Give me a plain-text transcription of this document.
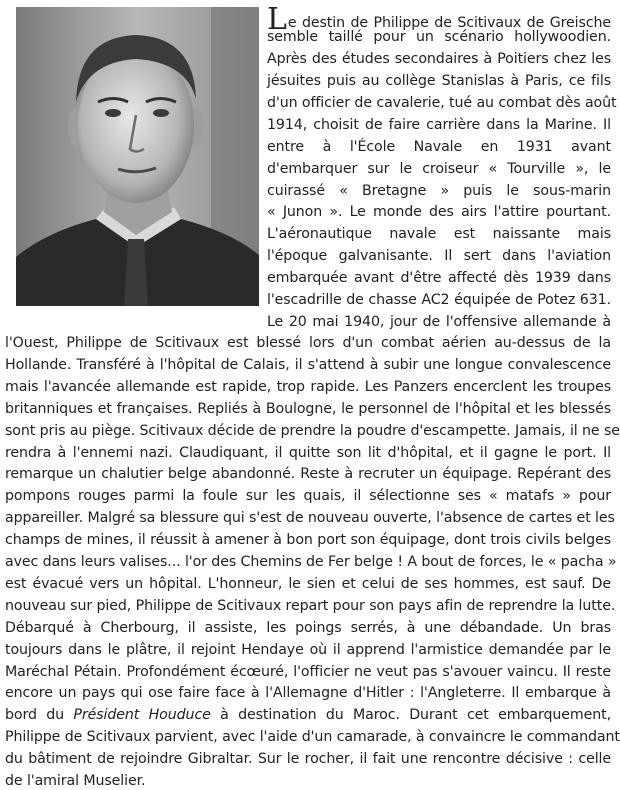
Le destin de Philippe de Scitivaux de Greische
semble taillé pour un scénario hollywoodien.
Après des études secondaires à Poitiers chez les
jésuites puis au collège Stanislas à Paris, ce fils
d'un officier de cavalerie, tué au combat dès août
1914, choisit de faire carrière dans la Marine. Il
entre à l'École Navale en 1931 avant
d'embarquer sur le croiseur « Tourville », le
cuirassé « Bretagne » puis le sous-marin
« Junon ». Le monde des airs l'attire pourtant.
L'aéronautique navale est naissante mais
l'époque galvanisante. Il sert dans l'aviation
embarquée avant d'être affecté dès 1939 dans
l'escadrille de chasse AC2 équipée de Potez 631.
Le 20 mai 1940, jour de l'offensive allemande à
l'Ouest, Philippe de Scitivaux est blessé lors d'un combat aérien au-dessus de la
Hollande. Transféré à l'hôpital de Calais, il s'attend à subir une longue convalescence
mais l'avancée allemande est rapide, trop rapide. Les Panzers encerclent les troupes
britanniques et françaises. Repliés à Boulogne, le personnel de l'hôpital et les blessés
sont pris au piège. Scitivaux décide de prendre la poudre d'escampette. Jamais, il ne se
rendra à l'ennemi nazi. Claudiquant, il quitte son lit d'hôpital, et il gagne le port. Il
remarque un chalutier belge abandonné. Reste à recruter un équipage. Repérant des
pompons rouges parmi la foule sur les quais, il sélectionne ses « matafs » pour
appareiller. Malgré sa blessure qui s'est de nouveau ouverte, l'absence de cartes et les
champs de mines, il réussit à amener à bon port son équipage, dont trois civils belges
avec dans leurs valises... l'or des Chemins de Fer belge ! A bout de forces, le « pacha »
est évacué vers un hôpital. L'honneur, le sien et celui de ses hommes, est sauf. De
nouveau sur pied, Philippe de Scitivaux repart pour son pays afin de reprendre la lutte.
Débarqué à Cherbourg, il assiste, les poings serrés, à une débandade. Un bras
toujours dans le plâtre, il rejoint Hendaye où il apprend l'armistice demandée par le
Maréchal Pétain. Profondément écœuré, l'officier ne veut pas s'avouer vaincu. Il reste
encore un pays qui ose faire face à l'Allemagne d'Hitler : l'Angleterre. Il embarque à
bord du Président Houduce à destination du Maroc. Durant cet embarquement,
Philippe de Scitivaux parvient, avec l'aide d'un camarade, à convaincre le commandant
du bâtiment de rejoindre Gibraltar. Sur le rocher, il fait une rencontre décisive : celle
de l'amiral Muselier.
